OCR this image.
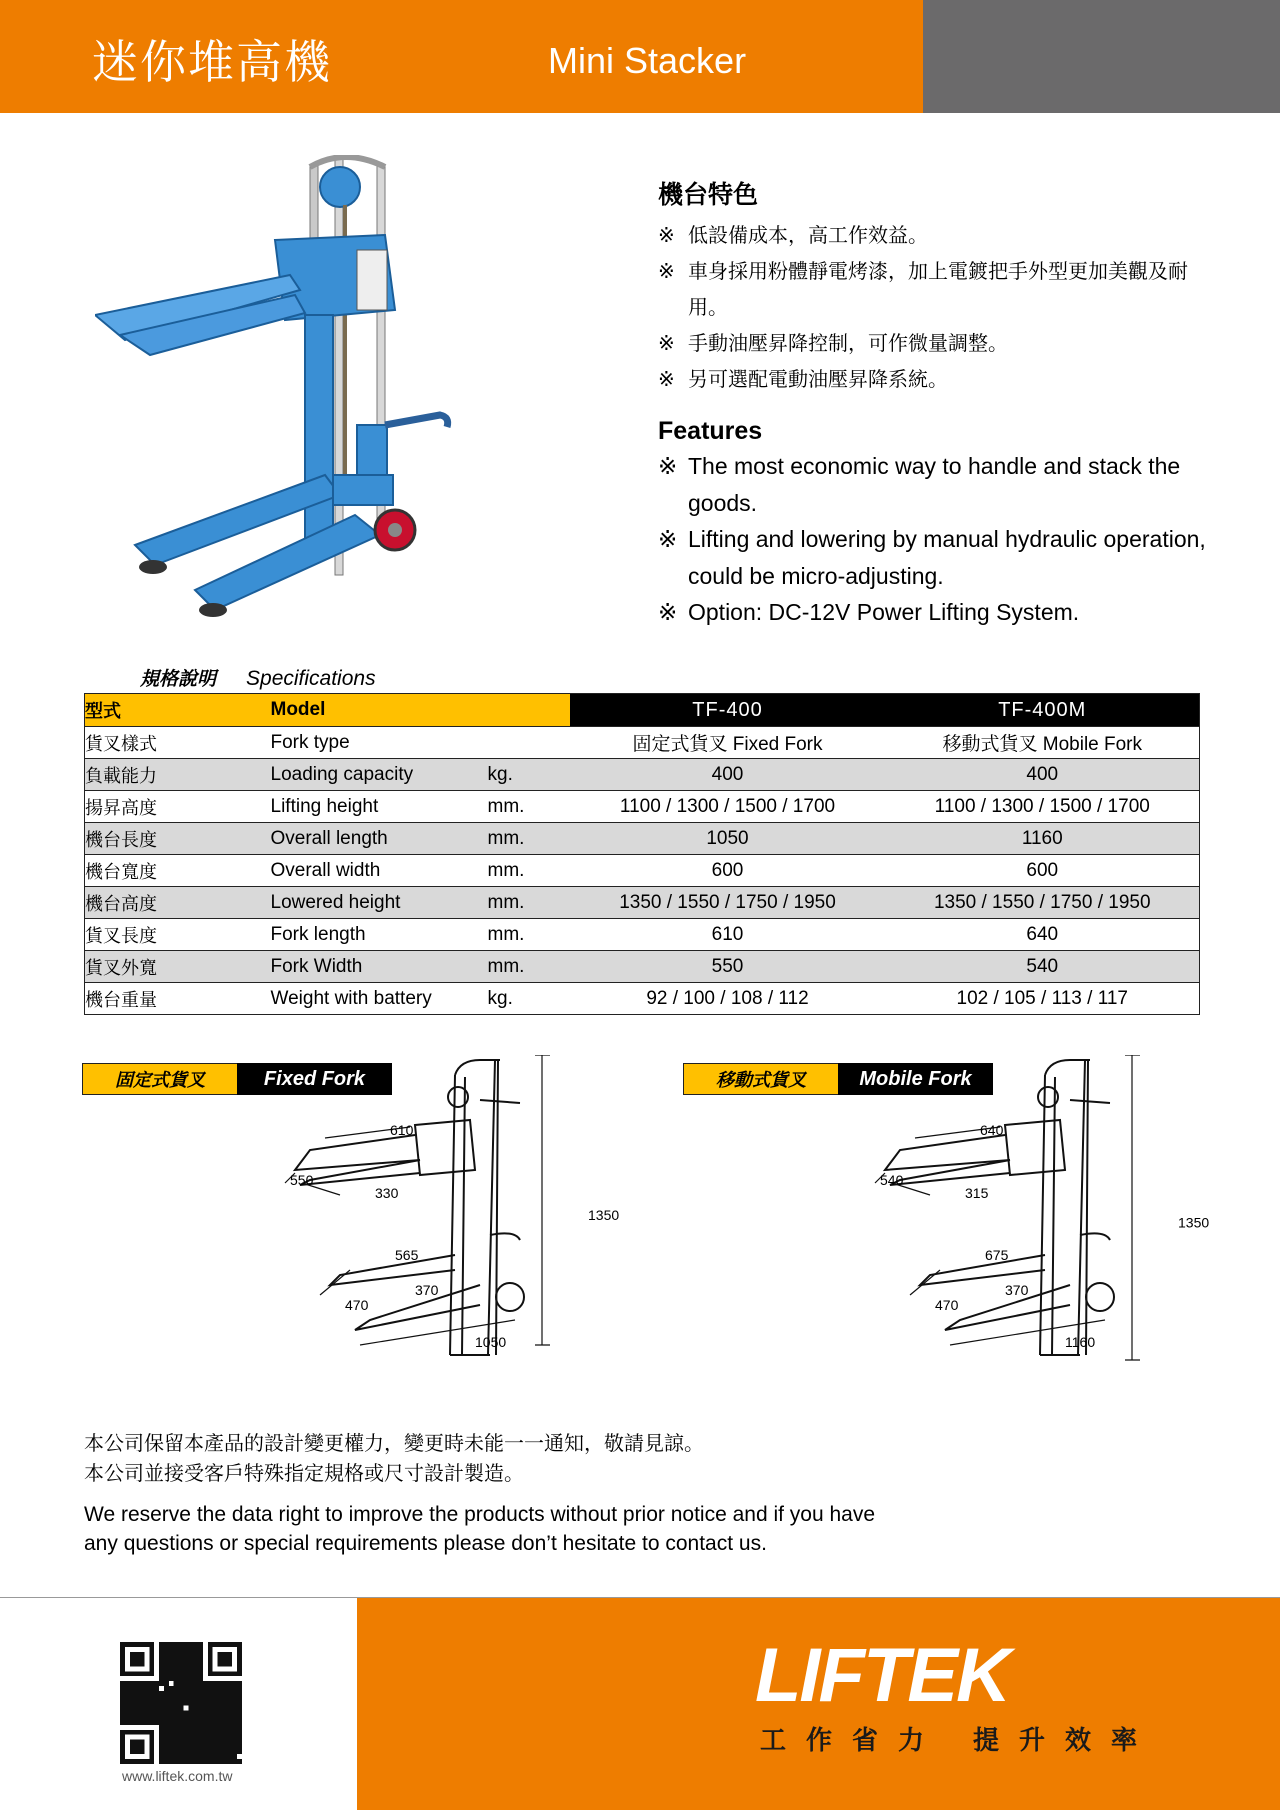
迷你堆高機	Mini Stacker
機台特色
※ 低設備成本，高工作效益。
※ 車身採用粉體靜電烤漆，加上電鍍把手外型更加美觀及耐用。
※ 手動油壓昇降控制，可作微量調整。
※ 另可選配電動油壓昇降系統。
Features
※ The most economic way to handle and stack the goods.
※ Lifting and lowering by manual hydraulic operation, could be micro-adjusting.
※ Option: DC-12V Power Lifting System.
規格說明 Specifications
型式	Model		TF-400	TF-400M
貨叉樣式	Fork type		固定式貨叉 Fixed Fork	移動式貨叉 Mobile Fork
負載能力	Loading capacity	kg.	400	400
揚昇高度	Lifting height	mm.	1100 / 1300 / 1500 / 1700	1100 / 1300 / 1500 / 1700
機台長度	Overall length	mm.	1050	1160
機台寬度	Overall width	mm.	600	600
機台高度	Lowered height	mm.	1350 / 1550 / 1750 / 1950	1350 / 1550 / 1750 / 1950
貨叉長度	Fork length	mm.	610	640
貨叉外寬	Fork Width	mm.	550	540
機台重量	Weight with battery	kg.	92 / 100 / 108 / 112	102 / 105 / 113 / 117
固定式貨叉	Fixed Fork	移動式貨叉	Mobile Fork
610
550
330
1350
565
470
370
1050
640
540
315
1350
675
470
370
1160
本公司保留本產品的設計變更權力，變更時未能一一通知，敬請見諒。
本公司並接受客戶特殊指定規格或尺寸設計製造。
We reserve the data right to improve the products without prior notice and if you have any questions or special requirements please don’t hesitate to contact us.
www.liftek.com.tw
LIFTEK
工作省力 提升效率
